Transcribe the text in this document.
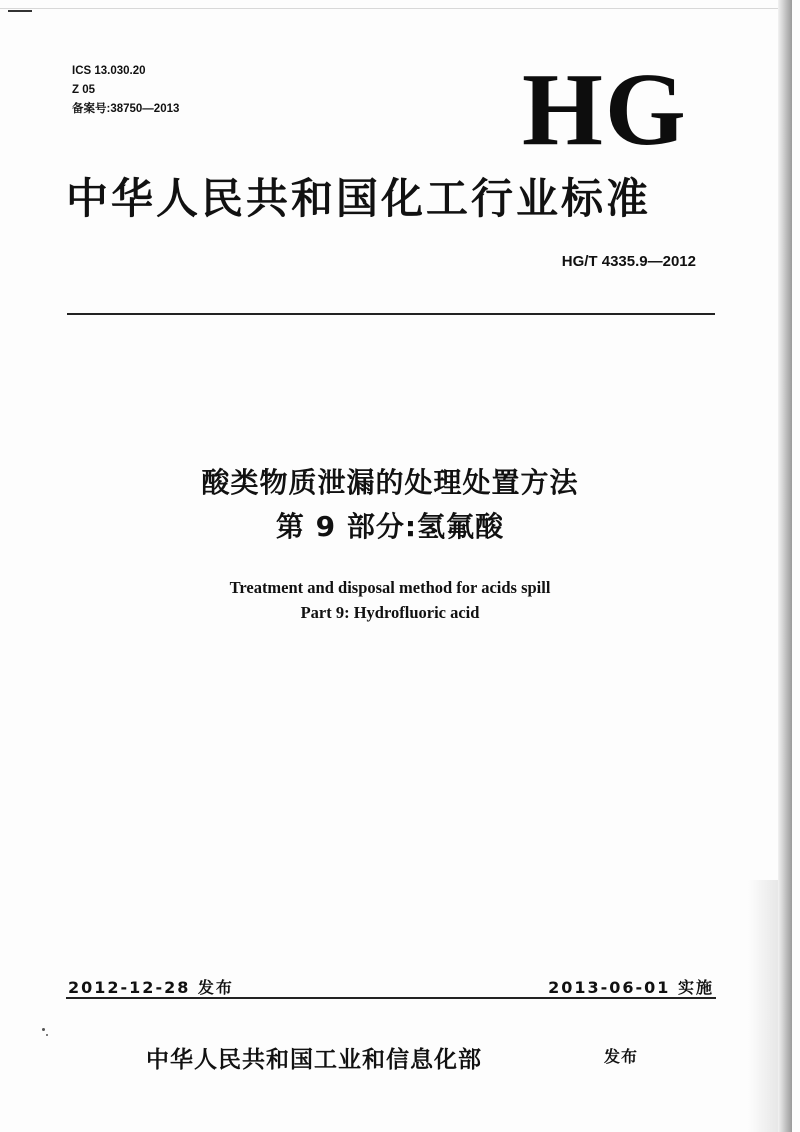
ICS 13.030.20
Z 05
备案号:38750—2013	HG
中华人民共和国化工行业标准
HG/T 4335.9—2012
酸类物质泄漏的处理处置方法
第 9 部分:氢氟酸
Treatment and disposal method for acids spill
Part 9: Hydrofluoric acid
2012-12-28 发布	2013-06-01 实施
中华人民共和国工业和信息化部	发布
